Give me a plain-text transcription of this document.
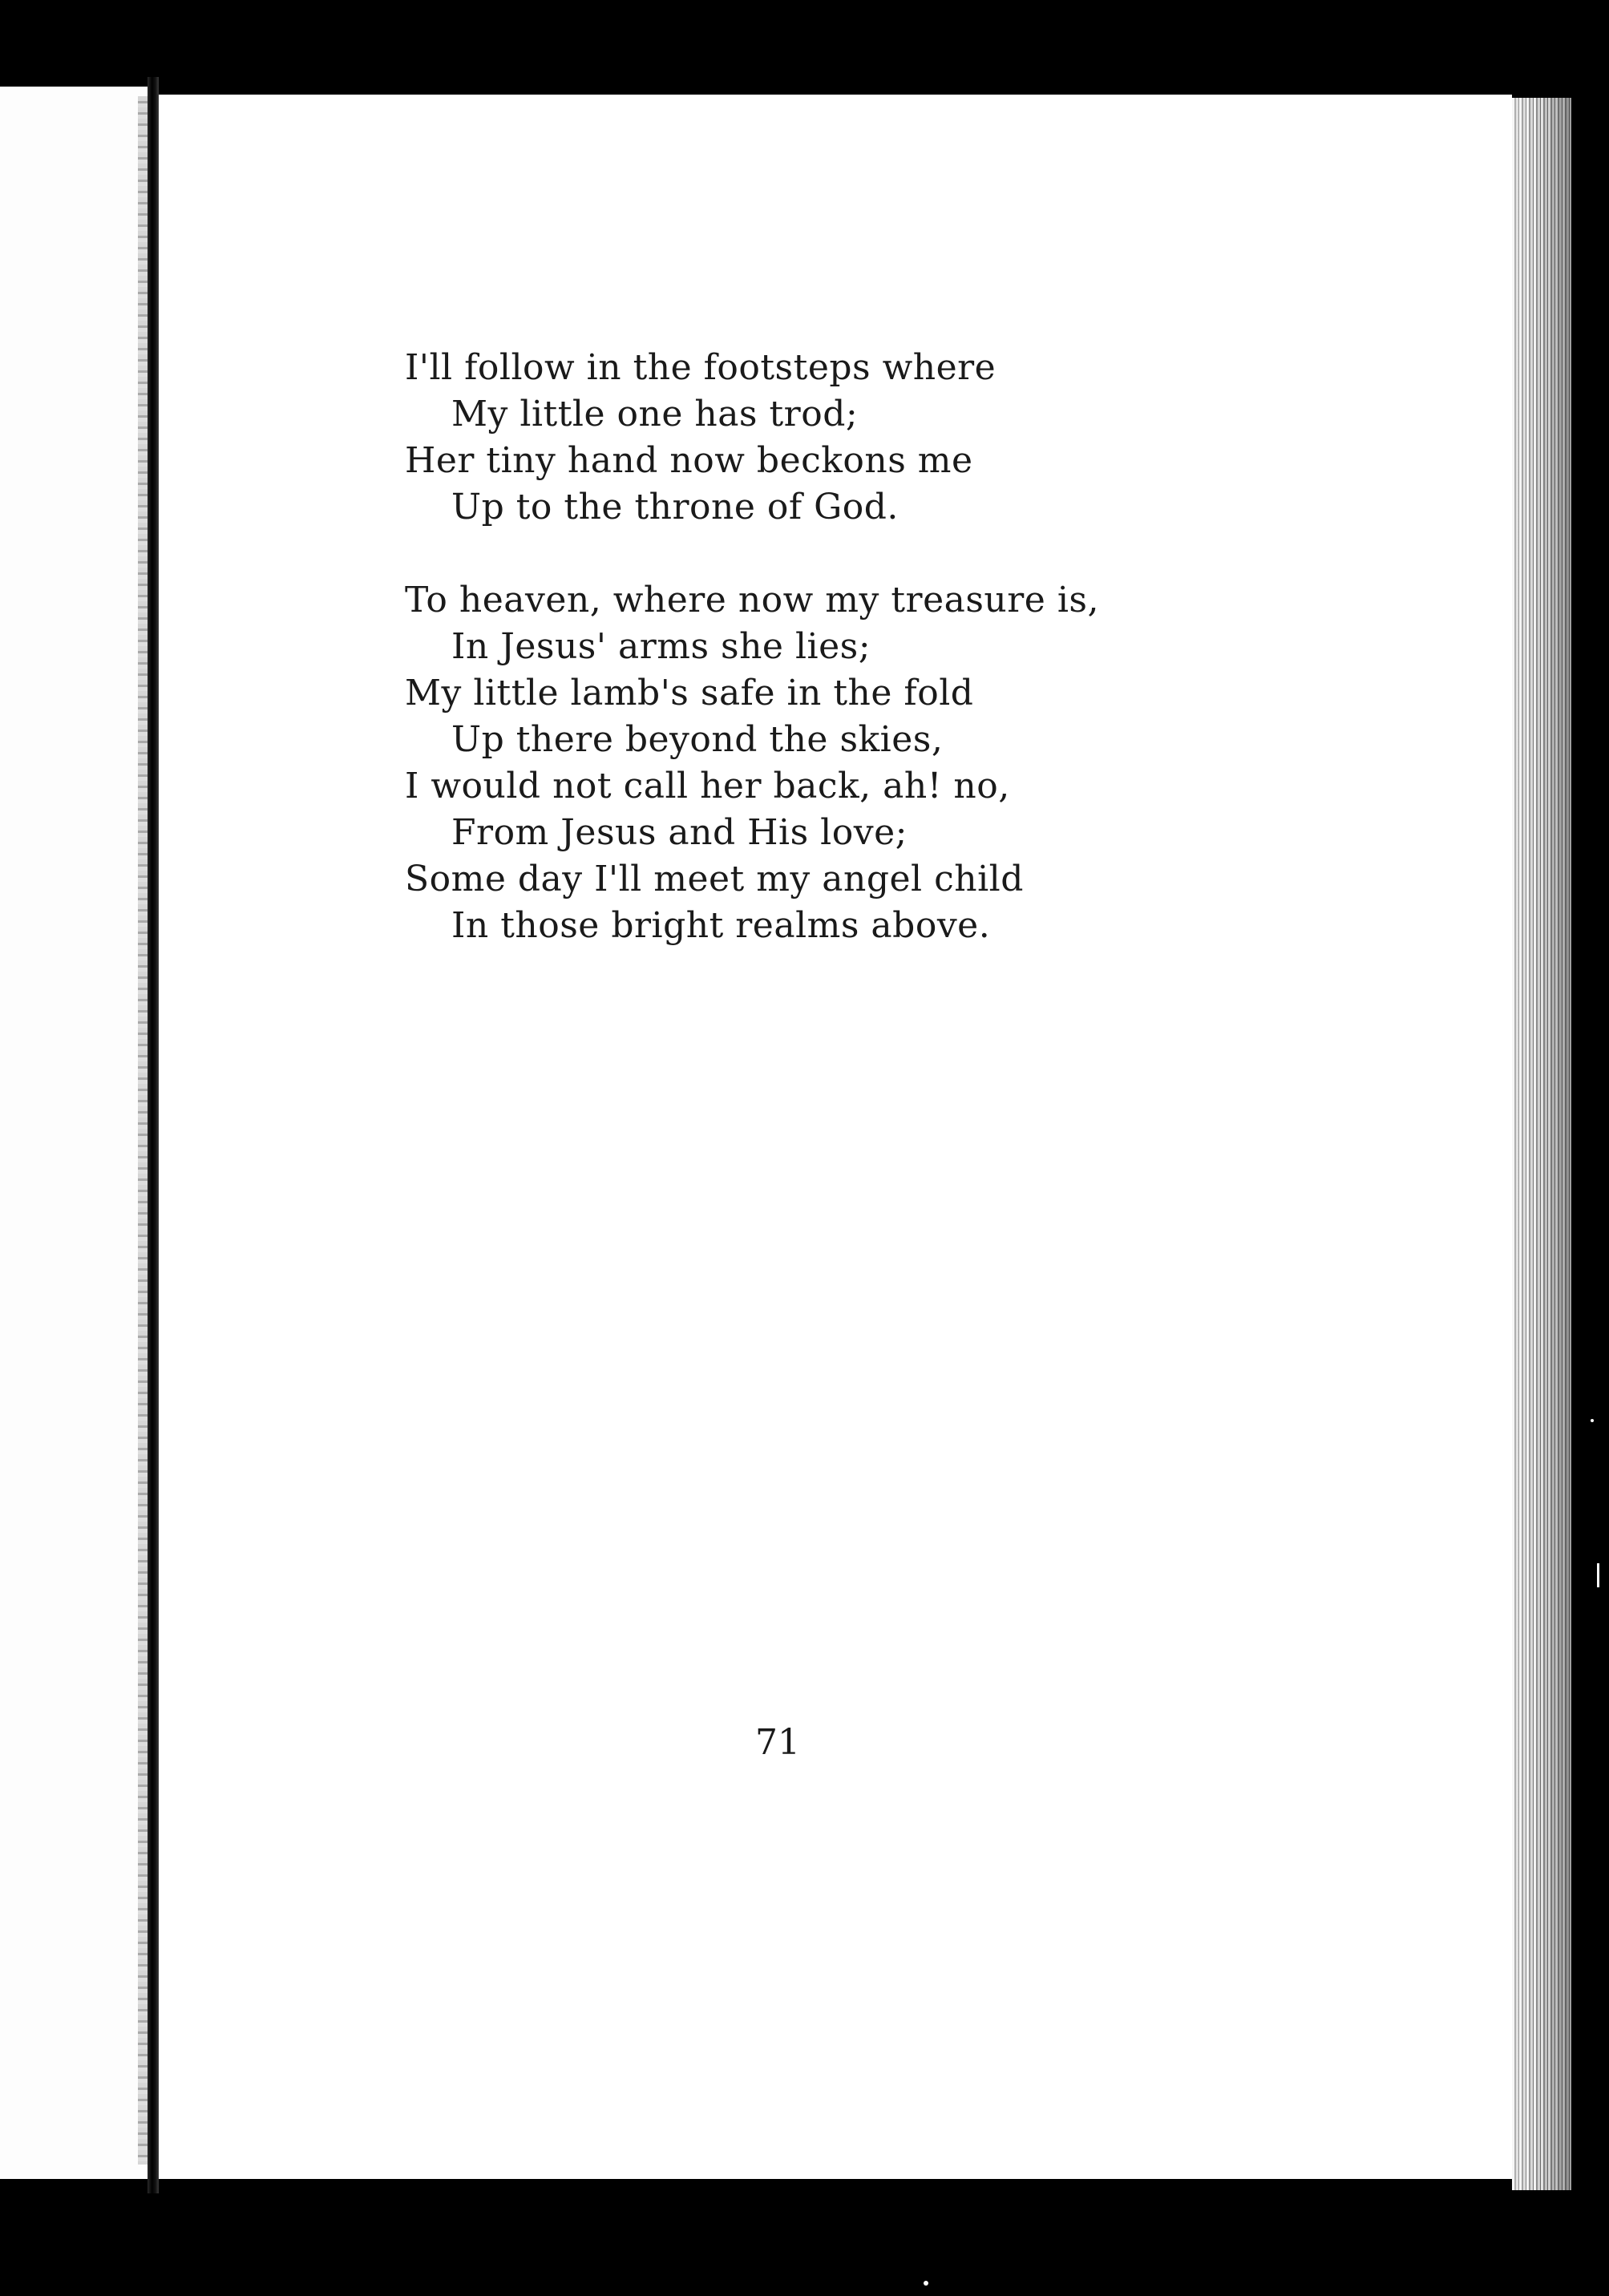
I'll follow in the footsteps where
My little one has trod;
Her tiny hand now beckons me
Up to the throne of God.
To heaven, where now my treasure is,
In Jesus' arms she lies;
My little lamb's safe in the fold
Up there beyond the skies,
I would not call her back, ah! no,
From Jesus and His love;
Some day I'll meet my angel child
In those bright realms above.
71
